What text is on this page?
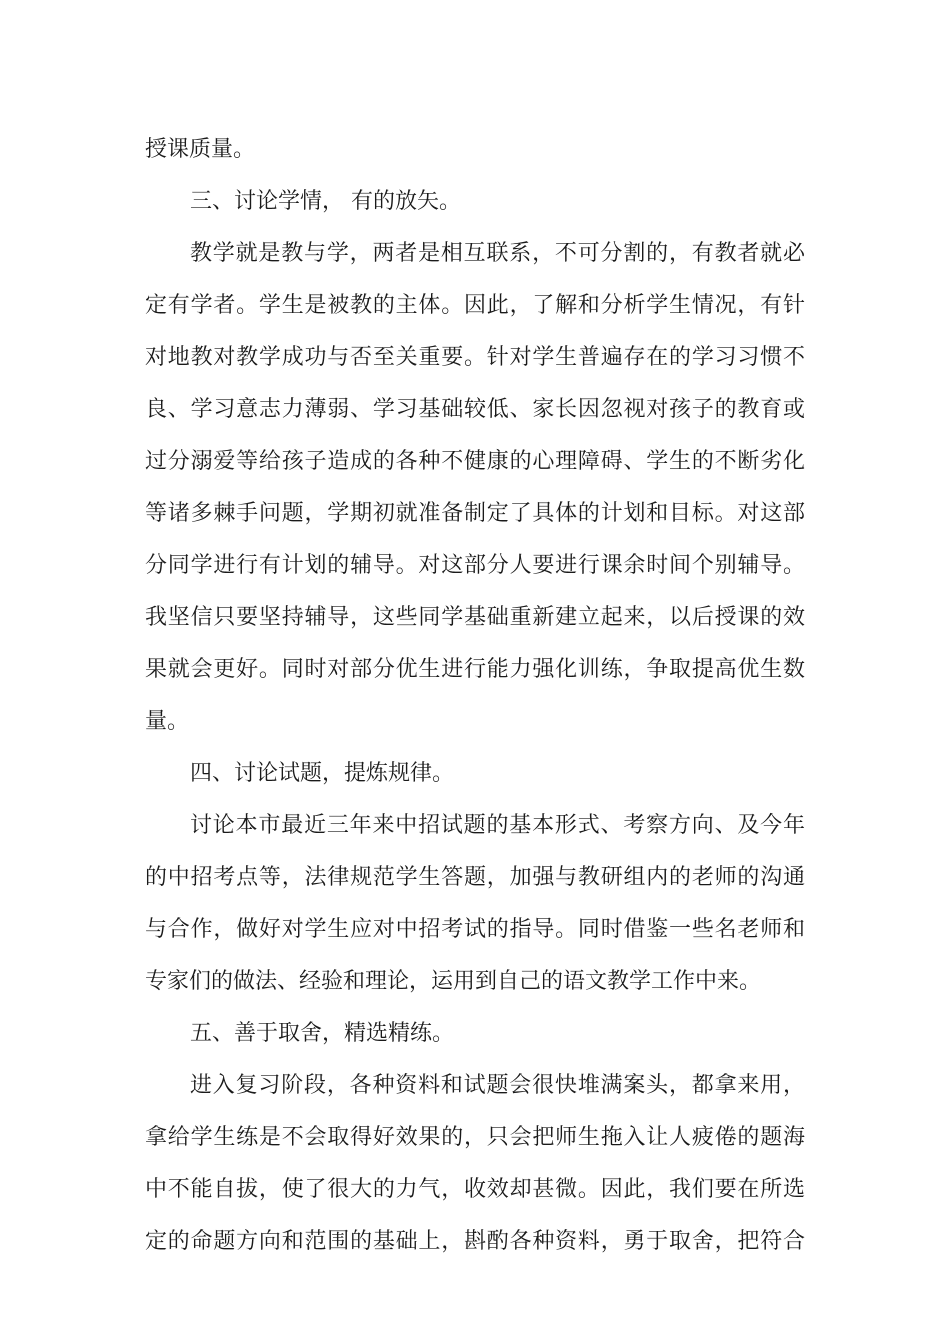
授课质量。
三、讨论学情， 有的放矢。
教学就是教与学，两者是相互联系，不可分割的，有教者就必
定有学者。学生是被教的主体。因此，了解和分析学生情况，有针
对地教对教学成功与否至关重要。针对学生普遍存在的学习习惯不
良、学习意志力薄弱、学习基础较低、家长因忽视对孩子的教育或
过分溺爱等给孩子造成的各种不健康的心理障碍、学生的不断劣化
等诸多棘手问题，学期初就准备制定了具体的计划和目标。对这部
分同学进行有计划的辅导。对这部分人要进行课余时间个别辅导。
我坚信只要坚持辅导，这些同学基础重新建立起来，以后授课的效
果就会更好。同时对部分优生进行能力强化训练，争取提高优生数
量。
四、讨论试题，提炼规律。
讨论本市最近三年来中招试题的基本形式、考察方向、及今年
的中招考点等，法律规范学生答题，加强与教研组内的老师的沟通
与合作，做好对学生应对中招考试的指导。同时借鉴一些名老师和
专家们的做法、经验和理论，运用到自己的语文教学工作中来。
五、善于取舍，精选精练。
进入复习阶段，各种资料和试题会很快堆满案头，都拿来用，
拿给学生练是不会取得好效果的，只会把师生拖入让人疲倦的题海
中不能自拔，使了很大的力气，收效却甚微。因此，我们要在所选
定的命题方向和范围的基础上，斟酌各种资料，勇于取舍，把符合
